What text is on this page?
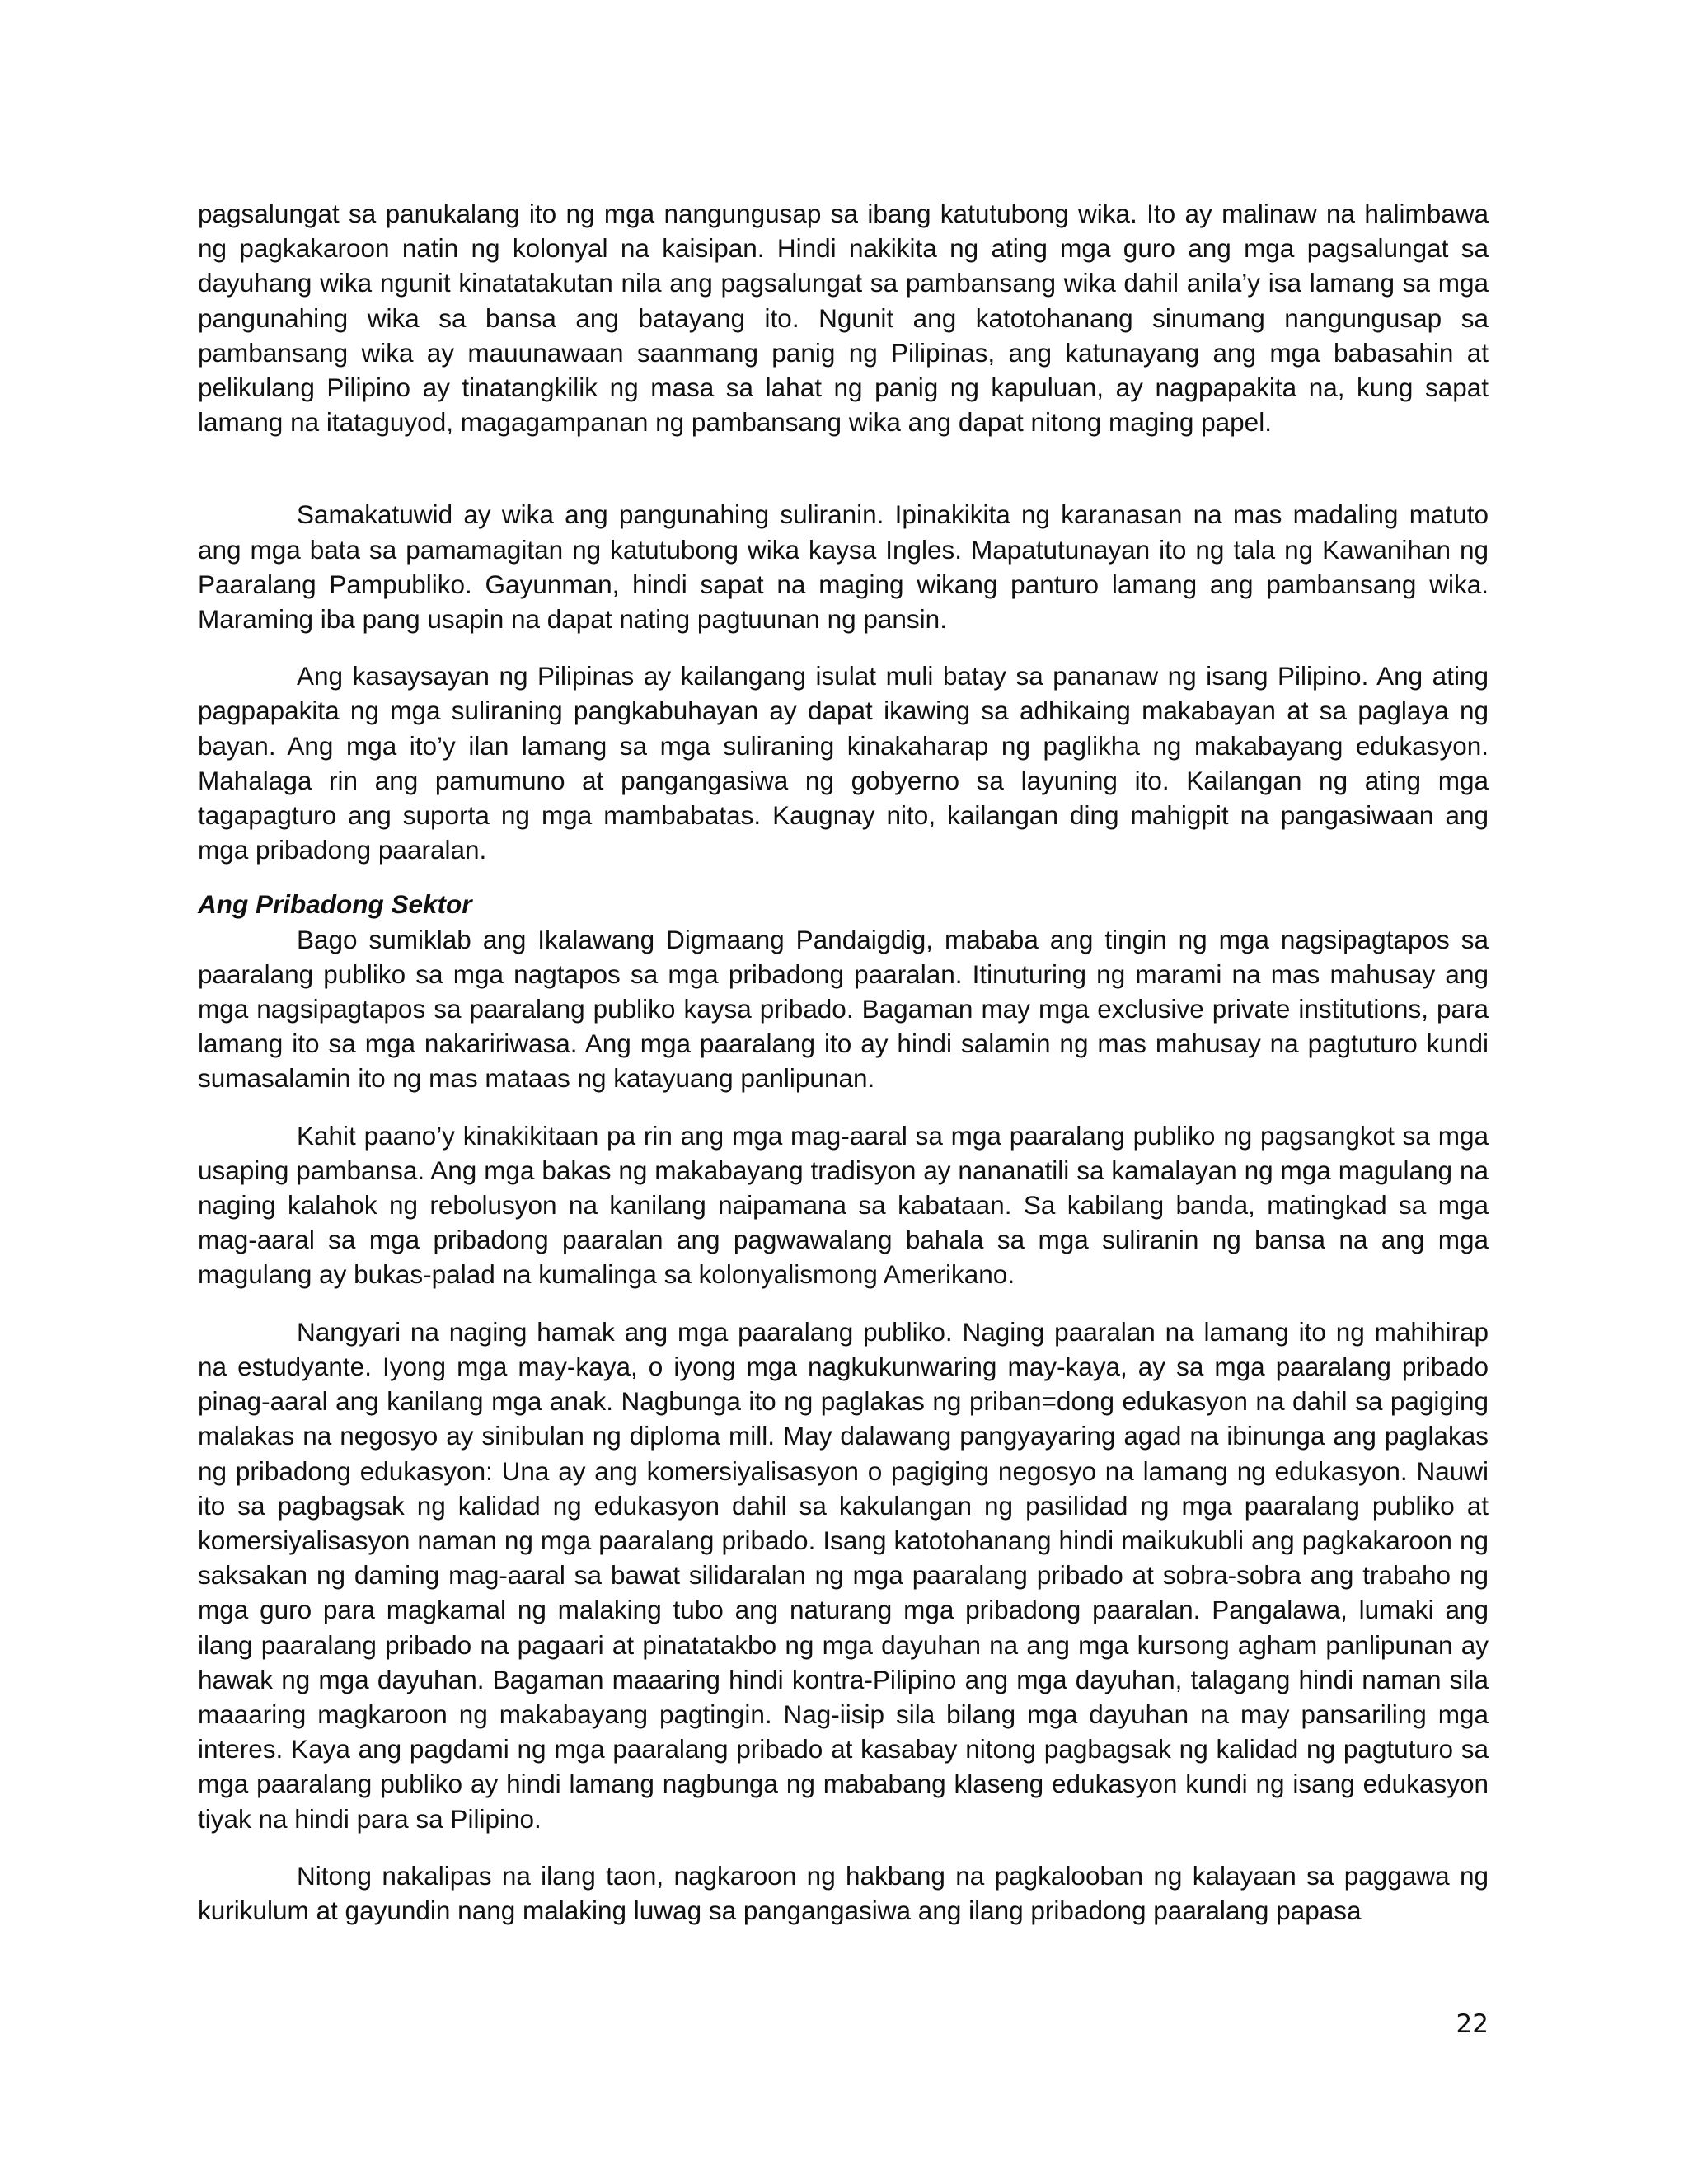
pagsalungat sa panukalang ito ng mga nangungusap sa ibang katutubong wika. Ito ay malinaw na halimbawa ng pagkakaroon natin ng kolonyal na kaisipan. Hindi nakikita ng ating mga guro ang mga pagsalungat sa dayuhang wika ngunit kinatatakutan nila ang pagsalungat sa pambansang wika dahil anila’y isa lamang sa mga pangunahing wika sa bansa ang batayang ito. Ngunit ang katotohanang sinumang nangungusap sa pambansang wika ay mauunawaan saanmang panig ng Pilipinas, ang katunayang ang mga babasahin at pelikulang Pilipino ay tinatangkilik ng masa sa lahat ng panig ng kapuluan, ay nagpapakita na, kung sapat lamang na itataguyod, magagampanan ng pambansang wika ang dapat nitong maging papel.

Samakatuwid ay wika ang pangunahing suliranin. Ipinakikita ng karanasan na mas madaling matuto ang mga bata sa pamamagitan ng katutubong wika kaysa Ingles. Mapatutunayan ito ng tala ng Kawanihan ng Paaralang Pampubliko. Gayunman, hindi sapat na maging wikang panturo lamang ang pambansang wika. Maraming iba pang usapin na dapat nating pagtuunan ng pansin.

Ang kasaysayan ng Pilipinas ay kailangang isulat muli batay sa pananaw ng isang Pilipino. Ang ating pagpapakita ng mga suliraning pangkabuhayan ay dapat ikawing sa adhikaing makabayan at sa paglaya ng bayan. Ang mga ito’y ilan lamang sa mga suliraning kinakaharap ng paglikha ng makabayang edukasyon. Mahalaga rin ang pamumuno at pangangasiwa ng gobyerno sa layuning ito. Kailangan ng ating mga tagapagturo ang suporta ng mga mambabatas. Kaugnay nito, kailangan ding mahigpit na pangasiwaan ang mga pribadong paaralan.

Ang Pribadong Sektor

Bago sumiklab ang Ikalawang Digmaang Pandaigdig, mababa ang tingin ng mga nagsipagtapos sa paaralang publiko sa mga nagtapos sa mga pribadong paaralan. Itinuturing ng marami na mas mahusay ang mga nagsipagtapos sa paaralang publiko kaysa pribado. Bagaman may mga exclusive private institutions, para lamang ito sa mga nakaririwasa. Ang mga paaralang ito ay hindi salamin ng mas mahusay na pagtuturo kundi sumasalamin ito ng mas mataas ng katayuang panlipunan.

Kahit paano’y kinakikitaan pa rin ang mga mag-aaral sa mga paaralang publiko ng pagsangkot sa mga usaping pambansa. Ang mga bakas ng makabayang tradisyon ay nananatili sa kamalayan ng mga magulang na naging kalahok ng rebolusyon na kanilang naipamana sa kabataan. Sa kabilang banda, matingkad sa mga mag-aaral sa mga pribadong paaralan ang pagwawalang bahala sa mga suliranin ng bansa na ang mga magulang ay bukas-palad na kumalinga sa kolonyalismong Amerikano.

Nangyari na naging hamak ang mga paaralang publiko. Naging paaralan na lamang ito ng mahihirap na estudyante. Iyong mga may-kaya, o iyong mga nagkukunwaring may-kaya, ay sa mga paaralang pribado pinag-aaral ang kanilang mga anak. Nagbunga ito ng paglakas ng priban=dong edukasyon na dahil sa pagiging malakas na negosyo ay sinibulan ng diploma mill. May dalawang pangyayaring agad na ibinunga ang paglakas ng pribadong edukasyon: Una ay ang komersiyalisasyon o pagiging negosyo na lamang ng edukasyon. Nauwi ito sa pagbagsak ng kalidad ng edukasyon dahil sa kakulangan ng pasilidad ng mga paaralang publiko at komersiyalisasyon naman ng mga paaralang pribado. Isang katotohanang hindi maikukubli ang pagkakaroon ng saksakan ng daming mag-aaral sa bawat silidaralan ng mga paaralang pribado at sobra-sobra ang trabaho ng mga guro para magkamal ng malaking tubo ang naturang mga pribadong paaralan. Pangalawa, lumaki ang ilang paaralang pribado na pagaari at pinatatakbo ng mga dayuhan na ang mga kursong agham panlipunan ay hawak ng mga dayuhan. Bagaman maaaring hindi kontra-Pilipino ang mga dayuhan, talagang hindi naman sila maaaring magkaroon ng makabayang pagtingin. Nag-iisip sila bilang mga dayuhan na may pansariling mga interes. Kaya ang pagdami ng mga paaralang pribado at kasabay nitong pagbagsak ng kalidad ng pagtuturo sa mga paaralang publiko ay hindi lamang nagbunga ng mababang klaseng edukasyon kundi ng isang edukasyon tiyak na hindi para sa Pilipino.

Nitong nakalipas na ilang taon, nagkaroon ng hakbang na pagkalooban ng kalayaan sa paggawa ng kurikulum at gayundin nang malaking luwag sa pangangasiwa ang ilang pribadong paaralang papasa

22
